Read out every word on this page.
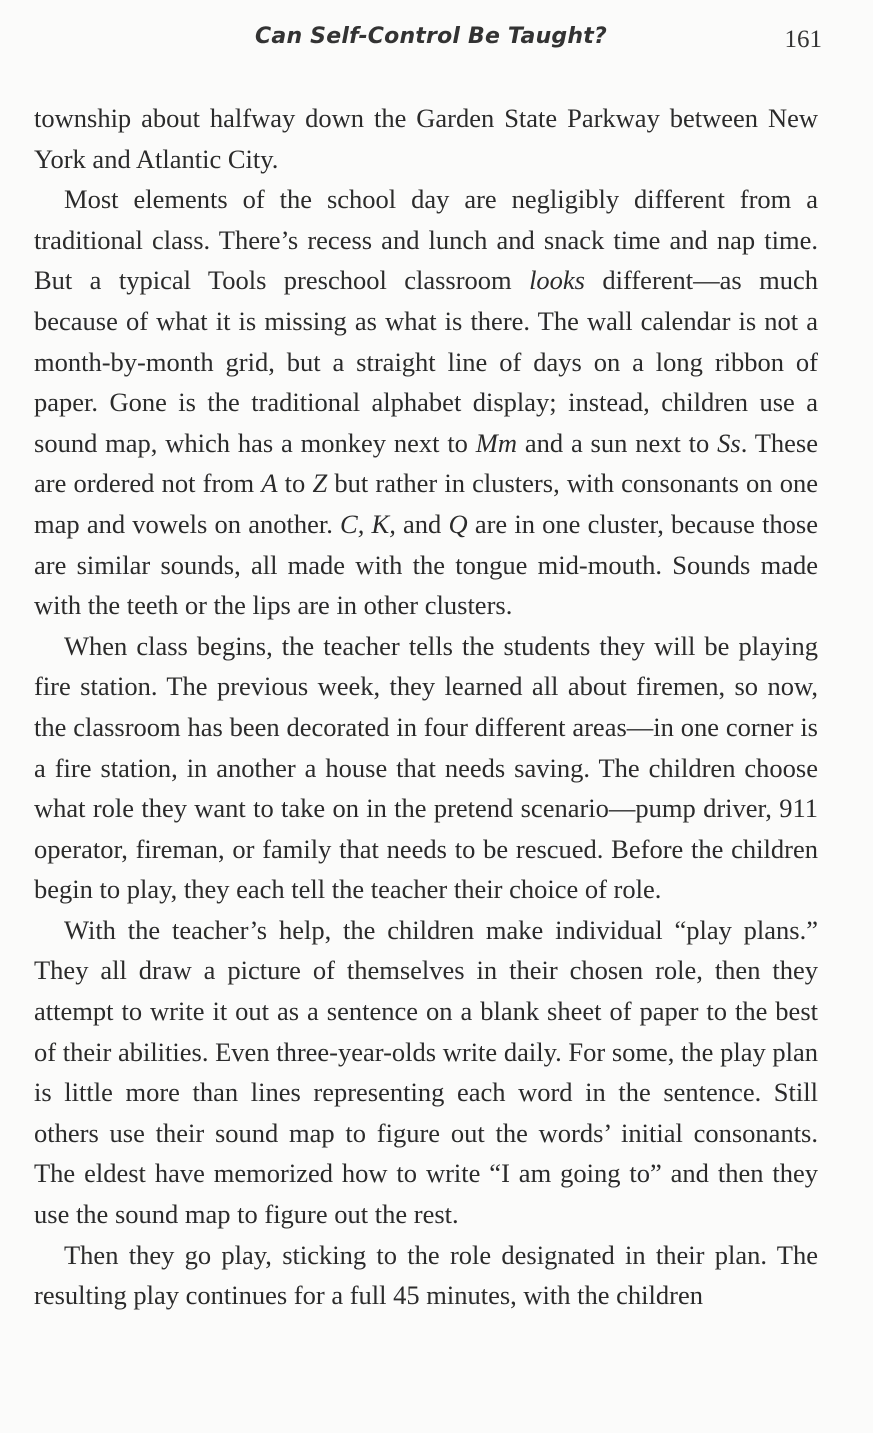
Can Self-Control Be Taught?	161

township about halfway down the Garden State Parkway between New York and Atlantic City.

Most elements of the school day are negligibly different from a traditional class. There’s recess and lunch and snack time and nap time. But a typical Tools preschool classroom looks different—as much because of what it is missing as what is there. The wall calendar is not a month-by-month grid, but a straight line of days on a long ribbon of paper. Gone is the traditional alphabet display; instead, children use a sound map, which has a monkey next to Mm and a sun next to Ss. These are ordered not from A to Z but rather in clusters, with consonants on one map and vowels on another. C, K, and Q are in one cluster, because those are similar sounds, all made with the tongue mid-mouth. Sounds made with the teeth or the lips are in other clusters.

When class begins, the teacher tells the students they will be playing fire station. The previous week, they learned all about firemen, so now, the classroom has been decorated in four different areas—in one corner is a fire station, in another a house that needs saving. The children choose what role they want to take on in the pretend scenario—pump driver, 911 operator, fireman, or family that needs to be rescued. Before the children begin to play, they each tell the teacher their choice of role.

With the teacher’s help, the children make individual “play plans.” They all draw a picture of themselves in their chosen role, then they attempt to write it out as a sentence on a blank sheet of paper to the best of their abilities. Even three-year-olds write daily. For some, the play plan is little more than lines representing each word in the sentence. Still others use their sound map to figure out the words’ initial consonants. The eldest have memorized how to write “I am going to” and then they use the sound map to figure out the rest.

Then they go play, sticking to the role designated in their plan. The resulting play continues for a full 45 minutes, with the children
